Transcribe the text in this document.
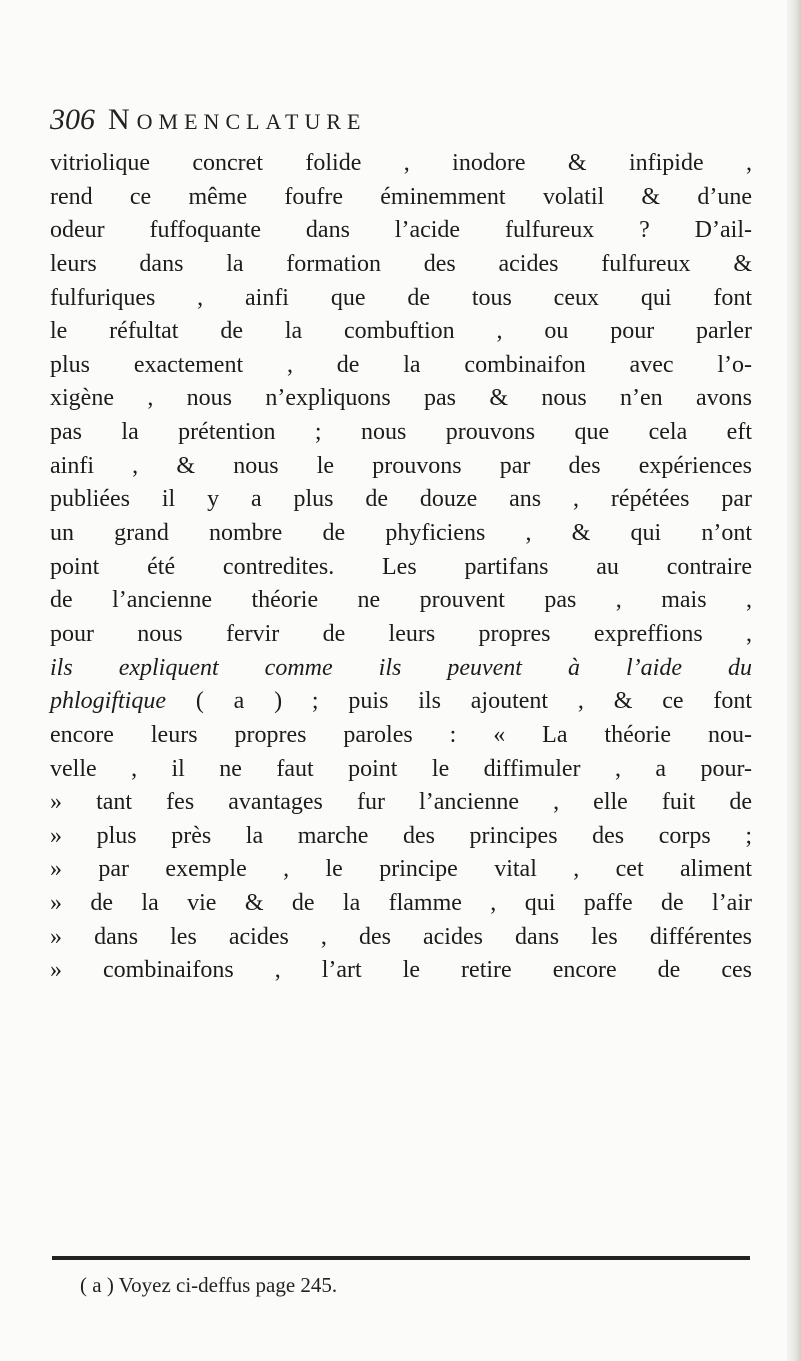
306 NOMENCLATURE
vitriolique concret folide , inodore & infipide ,
rend ce même foufre éminemment volatil & d’une
odeur fuffoquante dans l’acide fulfureux ? D’ail-
leurs dans la formation des acides fulfureux &
fulfuriques , ainfi que de tous ceux qui font
le réfultat de la combuftion , ou pour parler
plus exactement , de la combinaifon avec l’o-
xigène , nous n’expliquons pas & nous n’en avons
pas la prétention ; nous prouvons que cela eft
ainfi , & nous le prouvons par des expériences
publiées il y a plus de douze ans , répétées par
un grand nombre de phyficiens , & qui n’ont
point été contredites. Les partifans au contraire
de l’ancienne théorie ne prouvent pas , mais ,
pour nous fervir de leurs propres expreffions ,
ils expliquent comme ils peuvent à l’aide du
phlogiftique ( a ) ; puis ils ajoutent , & ce font
encore leurs propres paroles : « La théorie nou-
velle , il ne faut point le diffimuler , a pour-
» tant fes avantages fur l’ancienne , elle fuit de
» plus près la marche des principes des corps ;
» par exemple , le principe vital , cet aliment
» de la vie & de la flamme , qui paffe de l’air
» dans les acides , des acides dans les différentes
» combinaifons , l’art le retire encore de ces
( a ) Voyez ci-deffus page 245.
